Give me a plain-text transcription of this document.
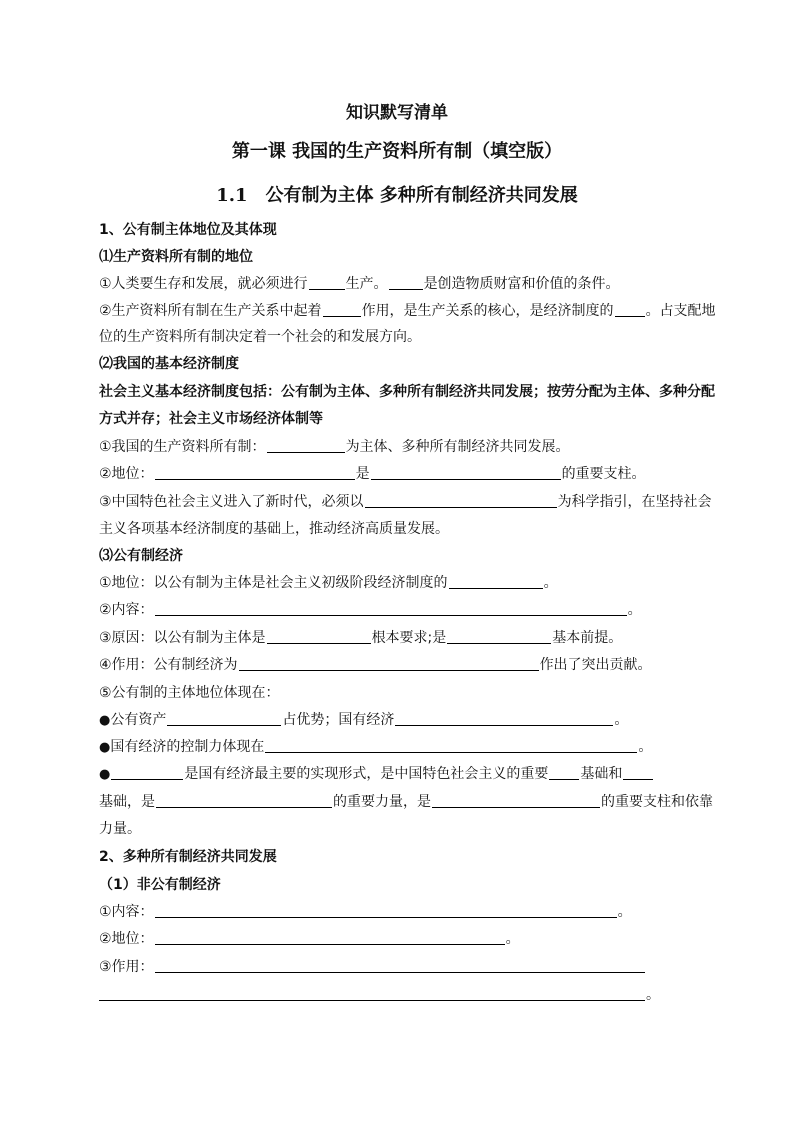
知识默写清单
第一课 我国的生产资料所有制（填空版）
1.1　公有制为主体 多种所有制经济共同发展
1、公有制主体地位及其体现
⑴生产资料所有制的地位
①人类要生存和发展，就必须进行	生产。	是创造物质财富和价值的条件。
②生产资料所有制在生产关系中起着	作用，是生产关系的核心，是经济制度的 。占支配地
位的生产资料所有制决定着一个社会的和发展方向。
⑵我国的基本经济制度
社会主义基本经济制度包括：公有制为主体、多种所有制经济共同发展；按劳分配为主体、多种分配
方式并存；社会主义市场经济体制等
①我国的生产资料所有制：	为主体、多种所有制经济共同发展。
②地位：	是	的重要支柱。
③中国特色社会主义进入了新时代，必须以	为科学指引，在坚持社会
主义各项基本经济制度的基础上，推动经济高质量发展。
⑶公有制经济
①地位：以公有制为主体是社会主义初级阶段经济制度的	。
②内容：	。
③原因：以公有制为主体是	根本要求;是	基本前提。
④作用：公有制经济为	作出了突出贡献。
⑤公有制的主体地位体现在：
●公有资产	占优势；国有经济	。
●国有经济的控制力体现在	。
●	是国有经济最主要的实现形式，是中国特色社会主义的重要 基础和
基础，是	的重要力量，是	的重要支柱和依靠
力量。
2、多种所有制经济共同发展
（1）非公有制经济
①内容：	。
②地位：	。
③作用：
。
